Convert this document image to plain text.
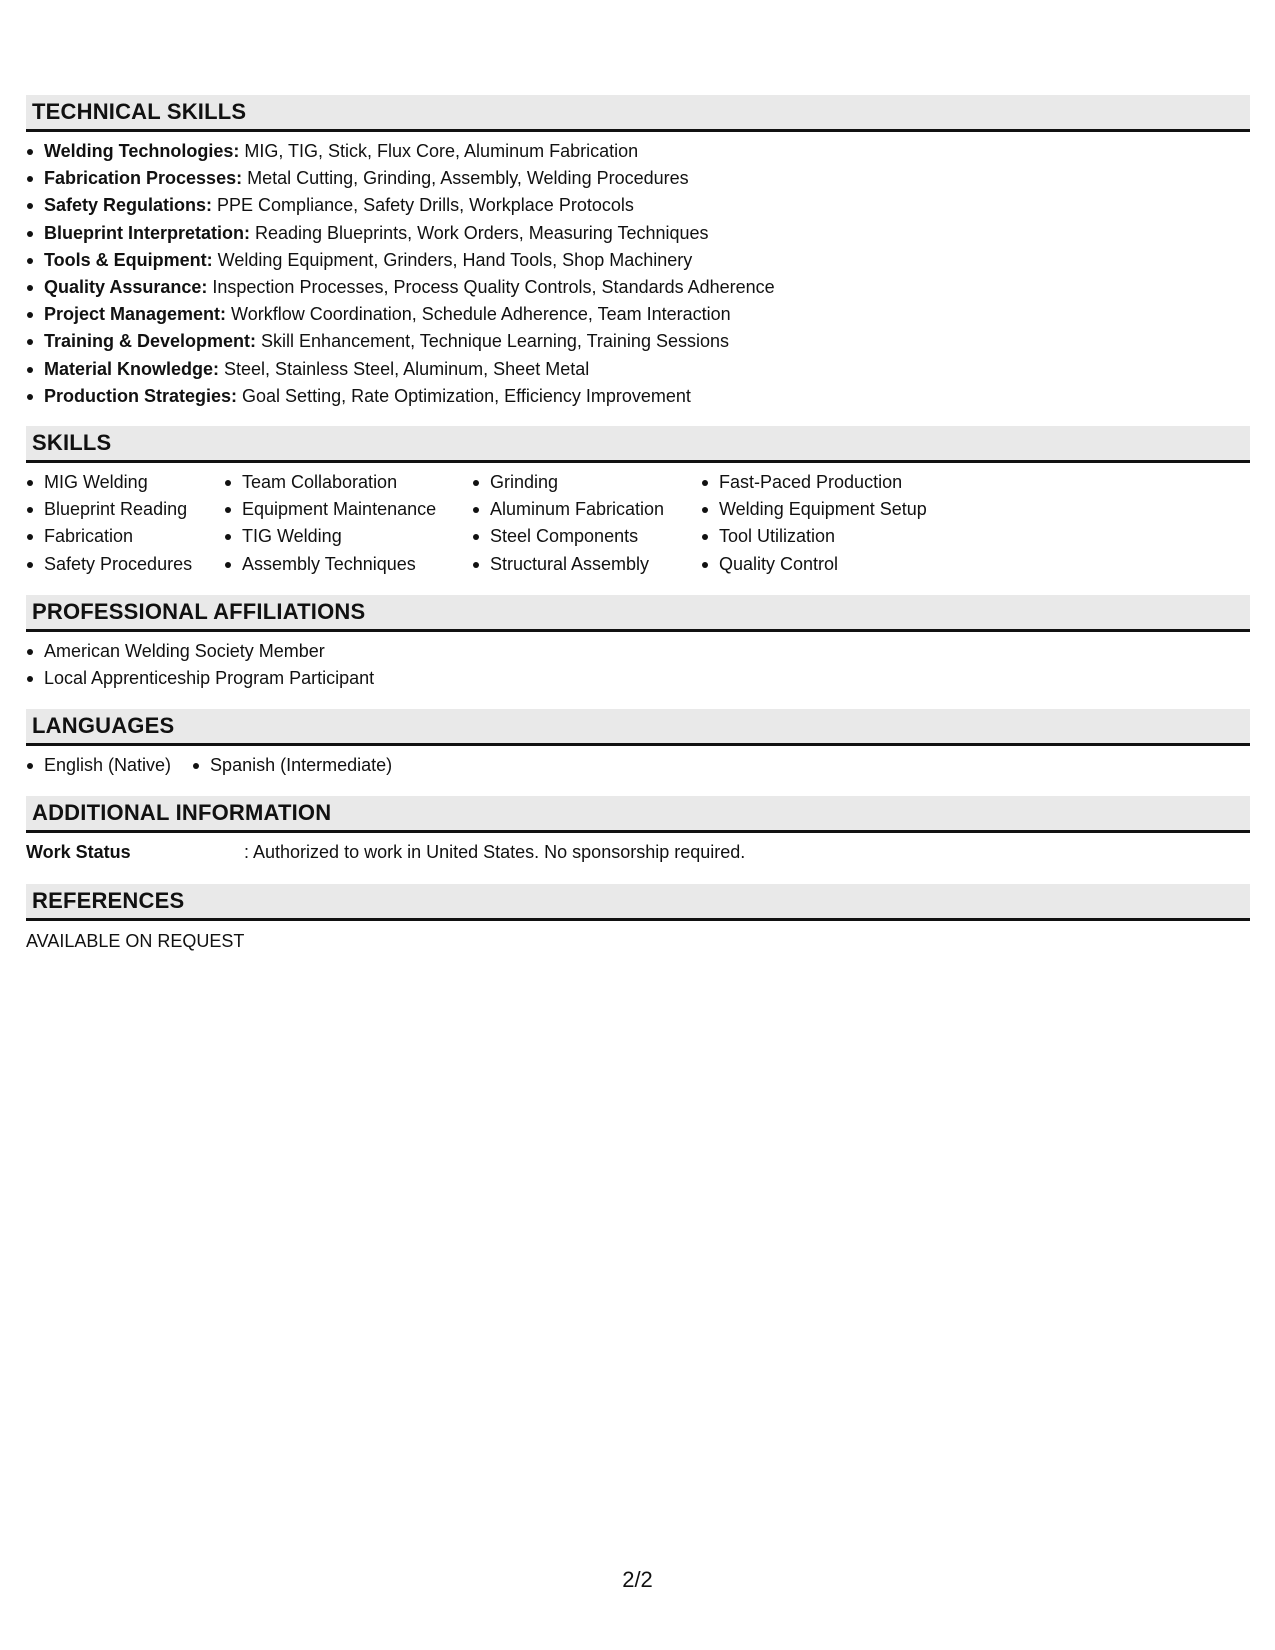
TECHNICAL SKILLS
Welding Technologies: MIG, TIG, Stick, Flux Core, Aluminum Fabrication
Fabrication Processes: Metal Cutting, Grinding, Assembly, Welding Procedures
Safety Regulations: PPE Compliance, Safety Drills, Workplace Protocols
Blueprint Interpretation: Reading Blueprints, Work Orders, Measuring Techniques
Tools & Equipment: Welding Equipment, Grinders, Hand Tools, Shop Machinery
Quality Assurance: Inspection Processes, Process Quality Controls, Standards Adherence
Project Management: Workflow Coordination, Schedule Adherence, Team Interaction
Training & Development: Skill Enhancement, Technique Learning, Training Sessions
Material Knowledge: Steel, Stainless Steel, Aluminum, Sheet Metal
Production Strategies: Goal Setting, Rate Optimization, Efficiency Improvement
SKILLS
MIG Welding
Blueprint Reading
Fabrication
Safety Procedures
Team Collaboration
Equipment Maintenance
TIG Welding
Assembly Techniques
Grinding
Aluminum Fabrication
Steel Components
Structural Assembly
Fast-Paced Production
Welding Equipment Setup
Tool Utilization
Quality Control
PROFESSIONAL AFFILIATIONS
American Welding Society Member
Local Apprenticeship Program Participant
LANGUAGES
English (Native)	Spanish (Intermediate)
ADDITIONAL INFORMATION
Work Status	: Authorized to work in United States. No sponsorship required.
REFERENCES
AVAILABLE ON REQUEST
2/2
